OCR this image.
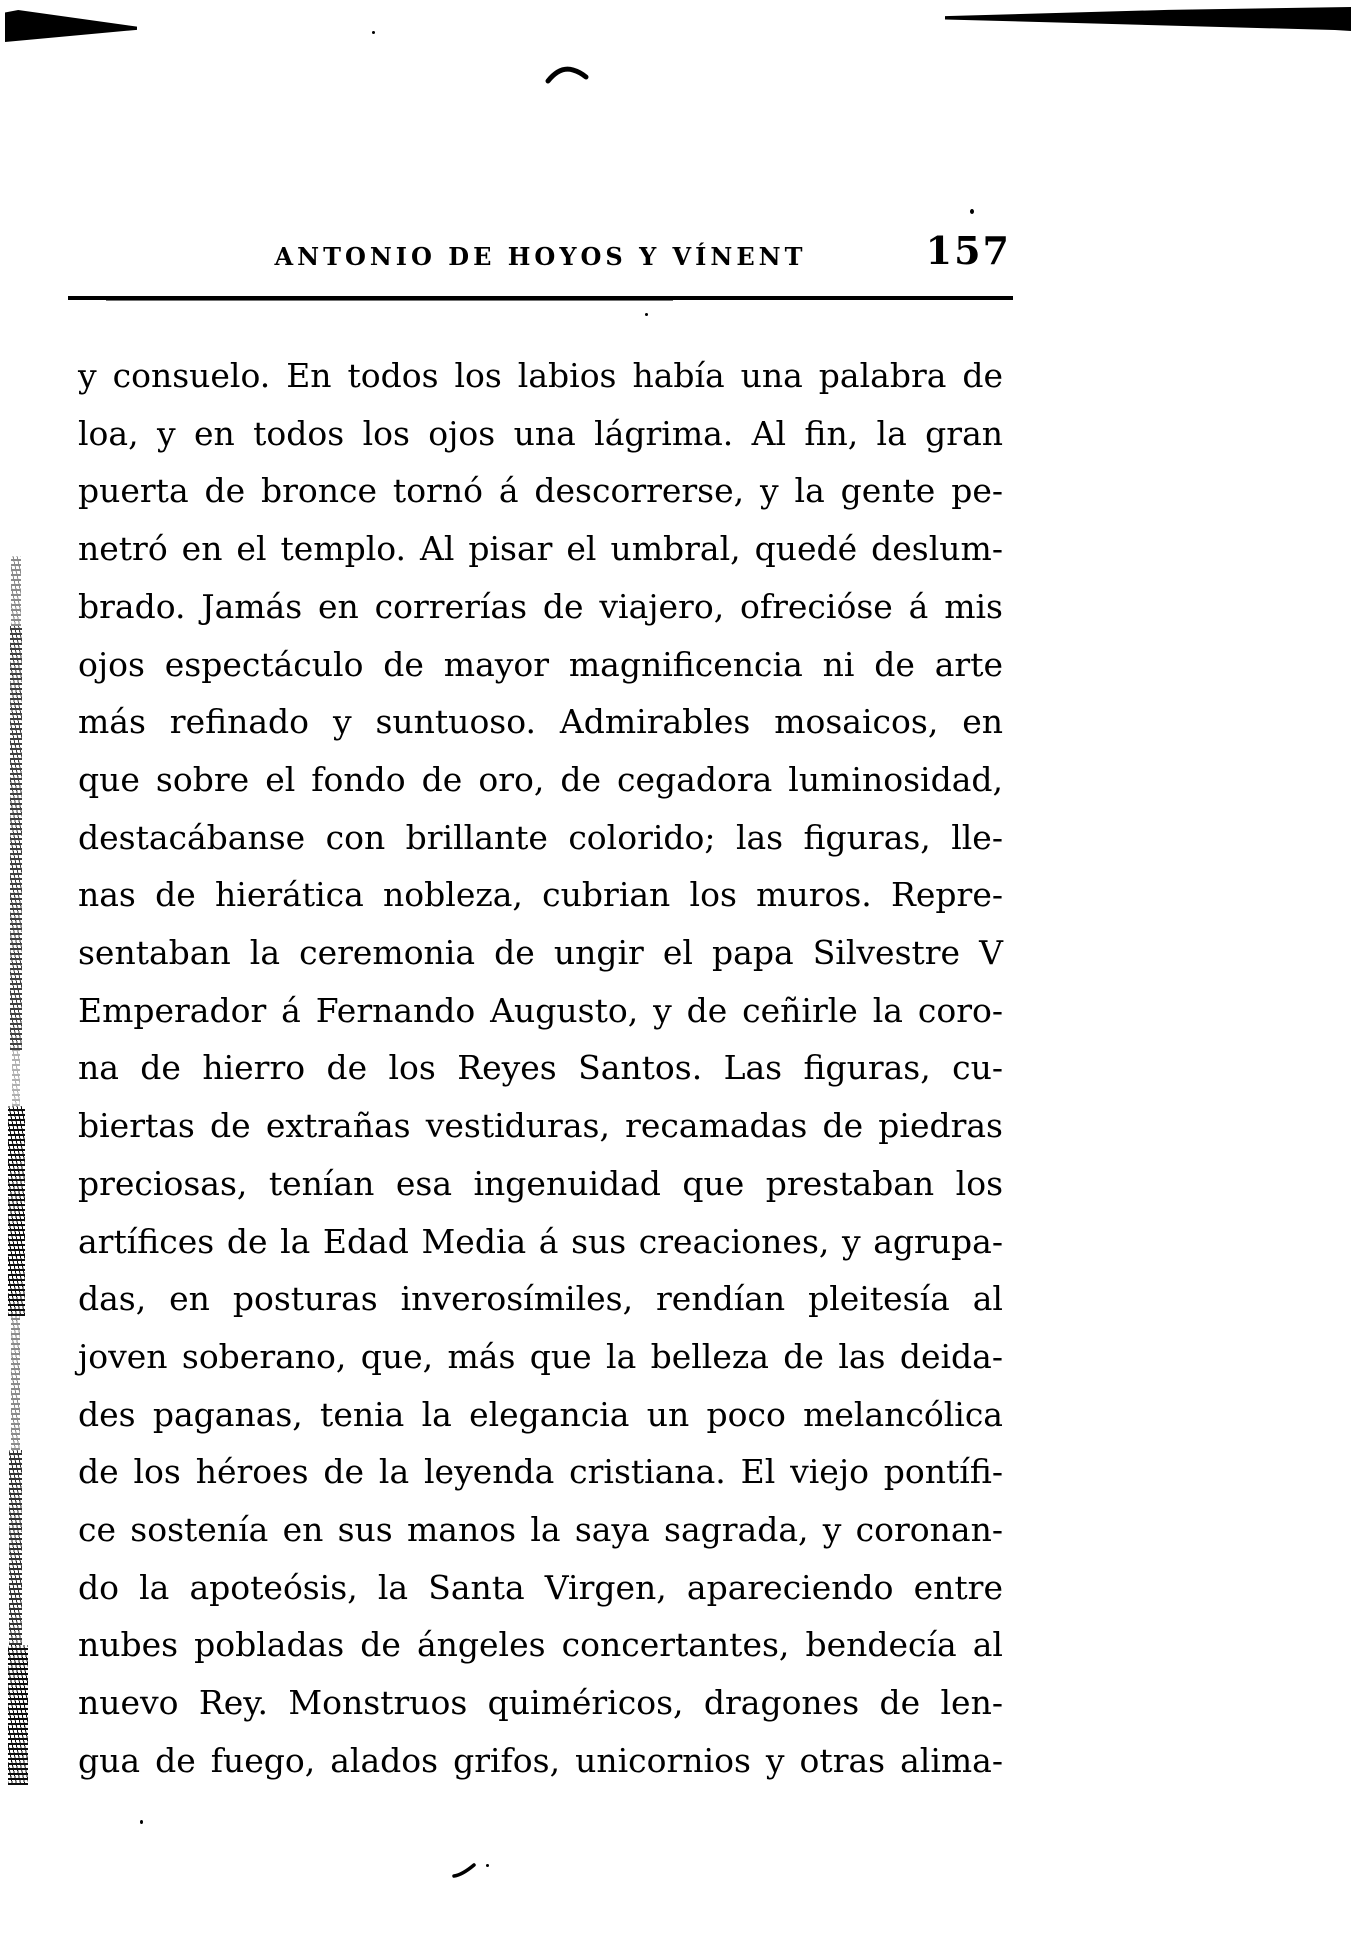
ANTONIO DE HOYOS Y VÍNENT	157
y consuelo. En todos los labios había una palabra de
loa, y en todos los ojos una lágrima. Al fin, la gran
puerta de bronce tornó á descorrerse, y la gente pe-
netró en el templo. Al pisar el umbral, quedé deslum-
brado. Jamás en correrías de viajero, ofrecióse á mis
ojos espectáculo de mayor magnificencia ni de arte
más refinado y suntuoso. Admirables mosaicos, en
que sobre el fondo de oro, de cegadora luminosidad,
destacábanse con brillante colorido; las figuras, lle-
nas de hierática nobleza, cubrian los muros. Repre-
sentaban la ceremonia de ungir el papa Silvestre V
Emperador á Fernando Augusto, y de ceñirle la coro-
na de hierro de los Reyes Santos. Las figuras, cu-
biertas de extrañas vestiduras, recamadas de piedras
preciosas, tenían esa ingenuidad que prestaban los
artífices de la Edad Media á sus creaciones, y agrupa-
das, en posturas inverosímiles, rendían pleitesía al
joven soberano, que, más que la belleza de las deida-
des paganas, tenia la elegancia un poco melancólica
de los héroes de la leyenda cristiana. El viejo pontífi-
ce sostenía en sus manos la saya sagrada, y coronan-
do la apoteósis, la Santa Virgen, apareciendo entre
nubes pobladas de ángeles concertantes, bendecía al
nuevo Rey. Monstruos quiméricos, dragones de len-
gua de fuego, alados grifos, unicornios y otras alima-
